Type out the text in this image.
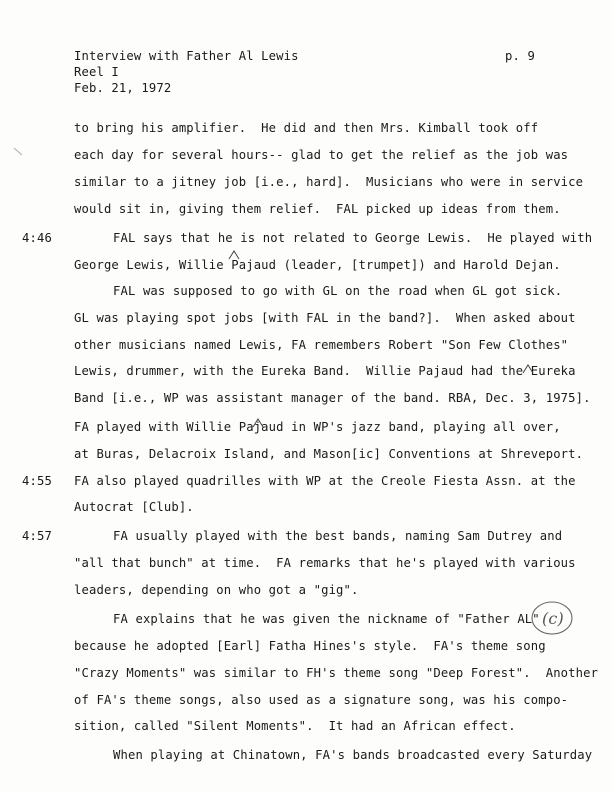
Interview with Father Al Lewis
Reel I
Feb. 21, 1972
p. 9
4:46
4:55
4:57
to bring his amplifier.  He did and then Mrs. Kimball took off
each day for several hours-- glad to get the relief as the job was
similar to a jitney job [i.e., hard].  Musicians who were in service
would sit in, giving them relief.  FAL picked up ideas from them.
FAL says that he is not related to George Lewis.  He played with
George Lewis, Willie Pajaud (leader, [trumpet]) and Harold Dejan.
FAL was supposed to go with GL on the road when GL got sick.
GL was playing spot jobs [with FAL in the band?].  When asked about
other musicians named Lewis, FA remembers Robert "Son Few Clothes"
Lewis, drummer, with the Eureka Band.  Willie Pajaud had the Eureka
Band [i.e., WP was assistant manager of the band. RBA, Dec. 3, 1975].
FA played with Willie Pajaud in WP's jazz band, playing all over,
at Buras, Delacroix Island, and Mason[ic] Conventions at Shreveport.
FA also played quadrilles with WP at the Creole Fiesta Assn. at the
Autocrat [Club].
FA usually played with the best bands, naming Sam Dutrey and
"all that bunch" at time.  FA remarks that he's played with various
leaders, depending on who got a "gig".
FA explains that he was given the nickname of "Father AL"
because he adopted [Earl] Fatha Hines's style.  FA's theme song
"Crazy Moments" was similar to FH's theme song "Deep Forest".  Another
of FA's theme songs, also used as a signature song, was his compo-
sition, called "Silent Moments".  It had an African effect.
When playing at Chinatown, FA's bands broadcasted every Saturday
(c)
